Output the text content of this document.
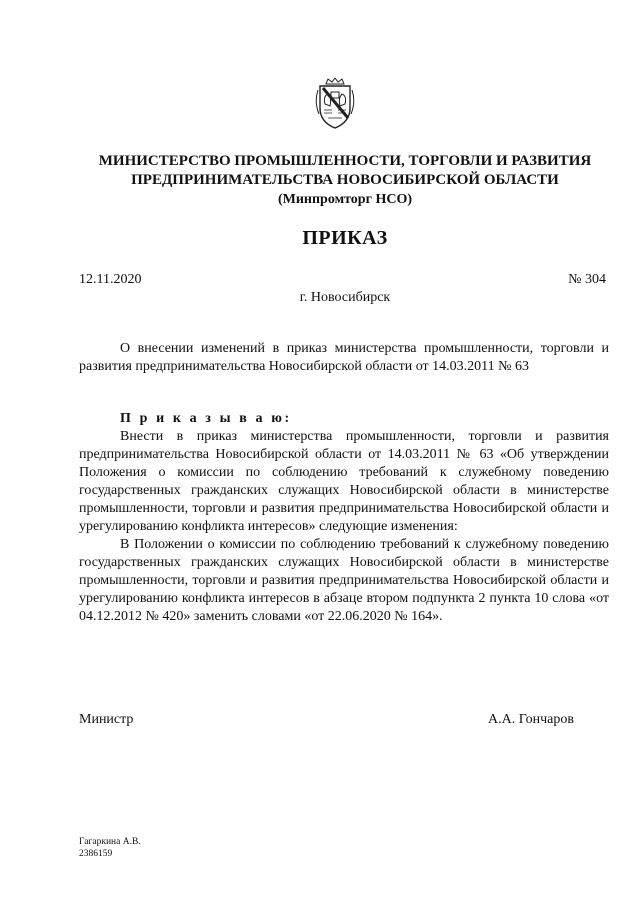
МИНИСТЕРСТВО ПРОМЫШЛЕННОСТИ, ТОРГОВЛИ И РАЗВИТИЯ
ПРЕДПРИНИМАТЕЛЬСТВА НОВОСИБИРСКОЙ ОБЛАСТИ
(Минпромторг НСО)
ПРИКАЗ
12.11.2020	№ 304
г. Новосибирск
О внесении изменений в приказ министерства промышленности, торговли и развития предпринимательства Новосибирской области от 14.03.2011 № 63
П р и к а з ы в а ю:

Внести в приказ министерства промышленности, торговли и развития предпринимательства Новосибирской области от 14.03.2011 № 63 «Об утверждении Положения о комиссии по соблюдению требований к служебному поведению государственных гражданских служащих Новосибирской области в министерстве промышленности, торговли и развития предпринимательства Новосибирской области и урегулированию конфликта интересов» следующие изменения:

В Положении о комиссии по соблюдению требований к служебному поведению государственных гражданских служащих Новосибирской области в министерстве промышленности, торговли и развития предпринимательства Новосибирской области и урегулированию конфликта интересов в абзаце втором подпункта 2 пункта 10 слова «от 04.12.2012 № 420» заменить словами «от 22.06.2020 № 164».

Министр	А.А. Гончаров
Гагаркина А.В.
2386159
